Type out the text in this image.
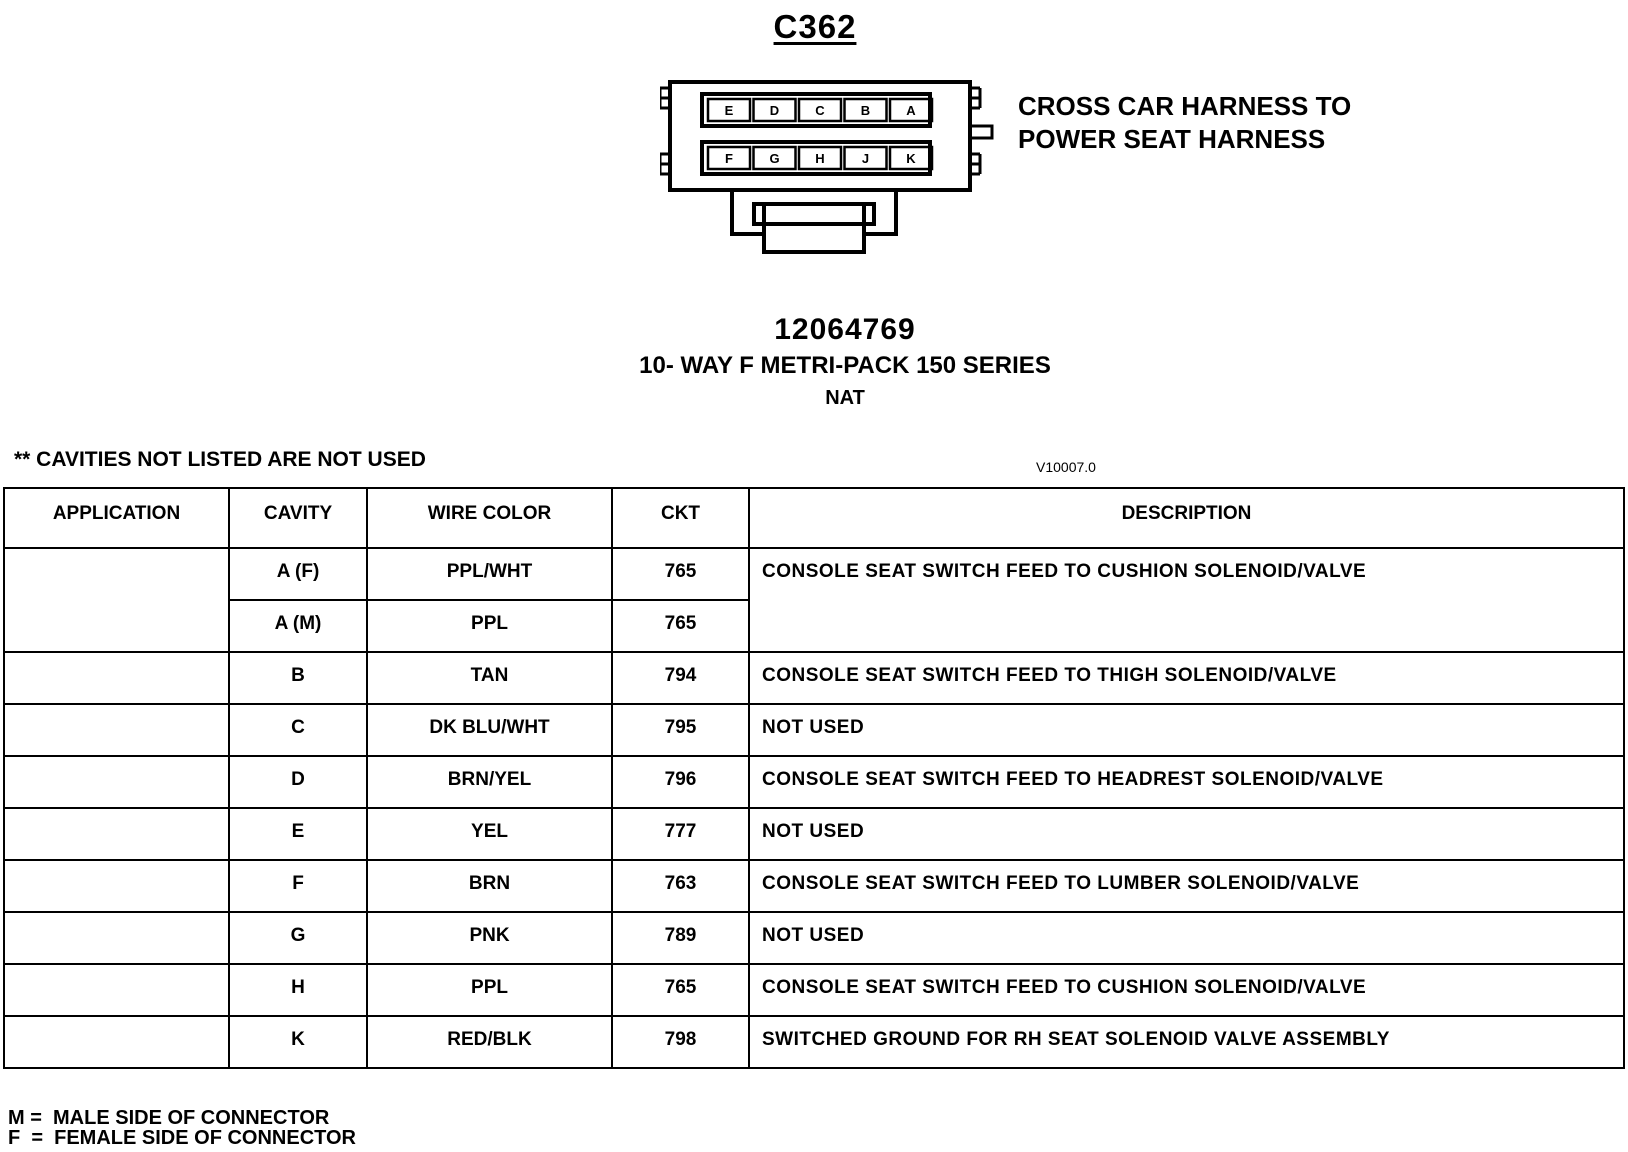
C362
E	D	C	B	A
F	G	H	J	K
CROSS CAR HARNESS TO
POWER SEAT HARNESS
12064769
10- WAY F METRI-PACK 150 SERIES
NAT
** CAVITIES NOT LISTED ARE NOT USED	V10007.0
APPLICATION	CAVITY	WIRE COLOR	CKT	DESCRIPTION
	A (F)	PPL/WHT	765	CONSOLE SEAT SWITCH FEED TO CUSHION SOLENOID/VALVE
	A (M)	PPL	765	
	B	TAN	794	CONSOLE SEAT SWITCH FEED TO THIGH SOLENOID/VALVE
	C	DK BLU/WHT	795	NOT USED
	D	BRN/YEL	796	CONSOLE SEAT SWITCH FEED TO HEADREST SOLENOID/VALVE
	E	YEL	777	NOT USED
	F	BRN	763	CONSOLE SEAT SWITCH FEED TO LUMBER SOLENOID/VALVE
	G	PNK	789	NOT USED
	H	PPL	765	CONSOLE SEAT SWITCH FEED TO CUSHION SOLENOID/VALVE
	K	RED/BLK	798	SWITCHED GROUND FOR RH SEAT SOLENOID VALVE ASSEMBLY
M =  MALE SIDE OF CONNECTOR
F  =  FEMALE SIDE OF CONNECTOR
